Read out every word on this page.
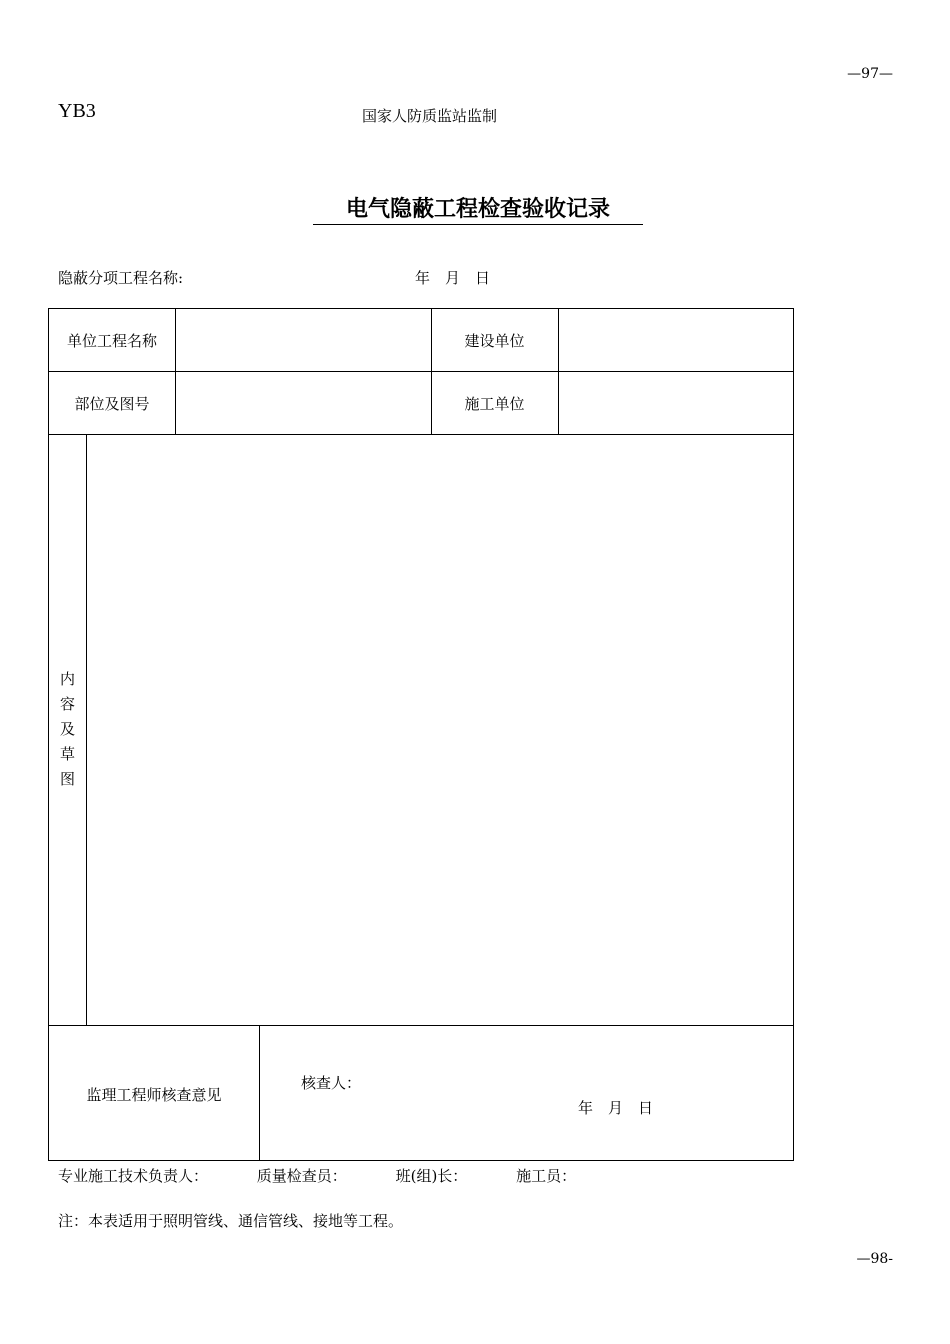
—97—
YB3	国家人防质监站监制
电气隐蔽工程检查验收记录
隐蔽分项工程名称:	年　月　日
单位工程名称	建设单位
部位及图号	施工单位
内
容
及
草
图
监理工程师核查意见
核查人：
年　月　日
专业施工技术负责人：	质量检查员：	班(组)长：	施工员：
注：本表适用于照明管线、通信管线、接地等工程。
—98-
